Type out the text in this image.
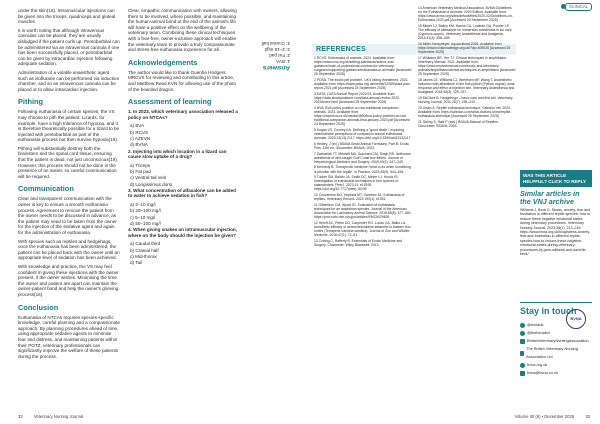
under the skin(18). Intramuscular injections can be given into the triceps, quadriceps and gluteal muscles.

It is worth noting that although intravenous cannulas can be placed, they are usually dislodged if the patient curls up. Pentobarbital can be administered via an intravenous cannula if one has been successfully placed, or pentobarbital can be given by intracardiac injection following adequate sedation.

Administration of a volatile anaesthetic agent such as isoflurane can be performed via induction chamber, and so an intravenous cannula can be placed or to allow intracardiac injection.

Pithing

Following euthanasia of certain species, the VS may choose to pith the patient. Lizards, for example, have a high tolerance of hypoxia, and it is therefore theoretically possible for a lizard to be injected with pentobarbital as part of the euthanasia process but then survive hypoxia(19).

Pithing will substantially destroy both the brainstem and the spinal cord tissue, ensuring that the patient is dead, not just unconscious(19). However, this process should not be done in the presence of an owner, so careful communication will be required.

Communication

Clear and transparent communication with the owner is key to ensure a smooth euthanasia process. Agreement to remove the patient from the owner needs to be discussed in advance, as the patient may need to be taken from the owner for the injection of the sedative agent and again for the administration of euthanasia.

With species such as reptiles and hedgehogs, once the euthanasia has been administered, the patient can be placed back with the owner until an appropriate level of sedation has been achieved.

With knowledge and practice, the VS may feel confident in giving these injections with the owner present, if the owner wishes. Minimising the time the owner and patient are apart can maintain the owner-patient bond and help the owner's grieving process(16).

Conclusion

Euthanasia of NTCAs requires species-specific knowledge, careful planning and a compassionate approach. By planning procedures ahead of time, using appropriate sedative agents to minimise fear and distress, and maintaining patients within their POTZ, veterinary professionals can significantly improve the welfare of these patients during the process.

Clear, empathic communication with owners, allowing them to be involved, where possible, and maintaining the human-animal bond at the end of the animal's life will have a positive effect on the wellbeing of the veterinary team. Combining these clinical techniques with a fear-free, owner-inclusive approach will enable the veterinary team to provide a truly compassionate and stress-free euthanasia experience for all.

Acknowledgements

The author would like to thank Guenhe Hodgers MRCVS for reviewing and contributing to this article, and Matthew Reed KVN for allowing use of the photo of the bearded dragon.

Assessment of learning

1. In 2023, which veterinary association released a policy on NTCAs?

a) BVA
b) RCVS
c) AZEVN
d) BVNA

2. Injecting into which location in a lizard can cause slow uptake of a drug?

a) Triceps
b) Fat pad
c) Ventral tail vein
d) Longissimus dorsi

3. What concentration of alfaxalone can be added to water to achieve sedation in fish?

a) 2–10 mg/l
b) 20–100 mg/l
c) 5–10 mg/l
d) 50–100 mg/l

4. When giving snakes an intramuscular injection, where on the body should the injection be given?

a) Caudal third
b) Cranial half
c) Mid-thorax
d) Tail
Answers
1: BVA
2: Fat pad
3: 2–10 mg/l
4: Cranial half
32	Veterinary Nursing Journal
CLINICAL
REFERENCES

1 RCVS. Euthanasia of animals. 2024. Available from: https://www.rcvs.org.uk/setting-standards/advice-and-guidance/code-of-professional-conduct-for-veterinary-surgeons/supporting-guidance/euthanasia-of-animals/ [Accessed 25 September 2025]

2 PDSA. The exotic pet problem. UK's listing threatened. 2021. Available from: https://www.pdsa.org.uk/media/12085/pdsa-paw-report-2021.pdf [Accessed 24 September 2025]

3 DATA. DATA Annual Report 2022/23. Available from: https://data.shortlandstore.com/data-annual-review-2022-2023/index.html [Accessed 25 September 2025]

4 BVA. BVA policy position on non-traditional companion animals. 2023. Available from: https://www.bva.co.uk/media/4890/bva-policy-position-on-non-traditional-companion-animals-final-january-2023.pdf [Accessed 24 September 2025]

5 Kogan LR, Cooney KA. Defining a "good death": exploring veterinarians' perceptions of companion animal euthanasia. Animals. 2023;13(13):2117. https://doi.org/10.3390/ani13132117

6 Hedley, J (ed.) BSAVA Small Animal Formulary, Part B: Exotic Pets. 11th ed. Gloucester: BSAVA; 2023.

7 Zachariah TT, Mitchell MA, Guichard CM, Singh RS. Isoflurane anesthesia of wild-caught Gulf Coast box turtles. Journal of Herpetological Medicine and Surgery. 2009;40(2): 347–349.

8 Kennedy B. Therapeutic medicine: what to do when something is peculiar with the reptile. In Practice. 2023;45(9): 544–554.

9 Tucker SM, Balicki JA, Smith DC, Minter LJ, Houck EL. Investigation of euthanasia techniques in four species of salamanders. PeerJ. 2023;11: e16199. https://doi.org/10.7717/peerj.16199

10 Conzemius MG, Hopkins MT, Sanchez AL. Euthanasia of reptiles. Veterinary Record. 2022;190(1): e1051.

11 Gilbertson CM, Wyatt JD. Evaluation of euthanasia techniques for an amphibian species. Journal of the American Association for Laboratory Animal Science. 2016;55(5): 577–581. https://pmc.ncbi.nlm.nih.gov/articles/PMC5029826

12 Herzft AC, Petrie DG, Carpenter RG, Lucas GA, Balko LA. Anesthetic efficacy of dexmedetomidine-ketamine in eastern box turtles (Terrapene carolina carolina). Journal of Zoo and Wildlife Medicine. 2016;47(1): 72–81.

13 Cutting C, Rafferty B. Essentials of Exotic Medicine and Surgery. Chichester: Wiley-Blackwell; 2013.

14 American Veterinary Medical Association. AVMA Guidelines for the Euthanasia of Animals: 2020 Edition. Available from: https://www.avma.org/sites/default/files/2020-02/Guidelines-on-Euthanasia-2020.pdf [Accessed 25 September 2025]

15 Minter LJ, Bailey KM, Harms CA, Lewbart GA, Posner LP. The efficacy of alfaxalone for immersion anesthesia in koi carp (Cyprinus carpio). Veterinary Anaesthesia and Analgesia. 2014;41(4): 398–405.

16 Miller-Hordyneyer. Aquacultural 2025. Available from: https://www.rcvsknowledge.org.uk/?dp=409028 [Accessed 25 September 2025]

17 Whitaker BR, Yee TJ. Clinical techniques in amphibians. Veterinary Manual. 2021. Available from: https://www.msdvetmanual.com/exotic-and-laboratory-animals/amphibians/clinical-techniques-in-amphibians [Accessed 25 September 2025]

18 James LE, Williams CJ, Bertelsen MF, Wang T. Anaesthetic induction with alfaxalone in the ball python (Python regius): dose response and effect of injection site. Veterinary Anaesthesia and Analgesia. 2018;45(3): 329–337.

19 McClure B. Hedgehogs – basic care and first aid. Veterinary Nursing Journal. 2011;26(7): 238–240.

20 Owen A. Reptile euthanasia technique. Caledon Vet. 2020. Available from: https://caledon.com/what-doctors-know/reptile-euthanasia-technique [Accessed 25 September 2025]

21 Girling S, Raiti P (eds.) BSAVA Manual of Reptiles. Gloucester: BSAVA; 2004.

WAS THIS ARTICLE HELPFUL? CLICK TO REPLY
Similar articles in the VNJ archive
Williams J, Beck D. Stress, anxiety, fear and frustration in different reptile species: how to reduce these negative emotional states during veterinary procedures. Veterinary Nursing Journal. 2023;38(7): 213–216. https://www.bvna.org.uk/blog/stress-anxiety-fear-and-frustration-in-different-reptile-species-how-to-reduce-these-negative-emotional-states-during-veterinary-procedures-by-jane-williams-and-danielle-beck/
Stay in touch
BVNA
@bvnauk
@thebvnabvl
BritishVeterinaryNursingAssociation
The British Veterinary Nursing Association Ltd
bvna.org.uk
bvna@bvna.co.uk
Volume 40 (6) • December 2025	33
